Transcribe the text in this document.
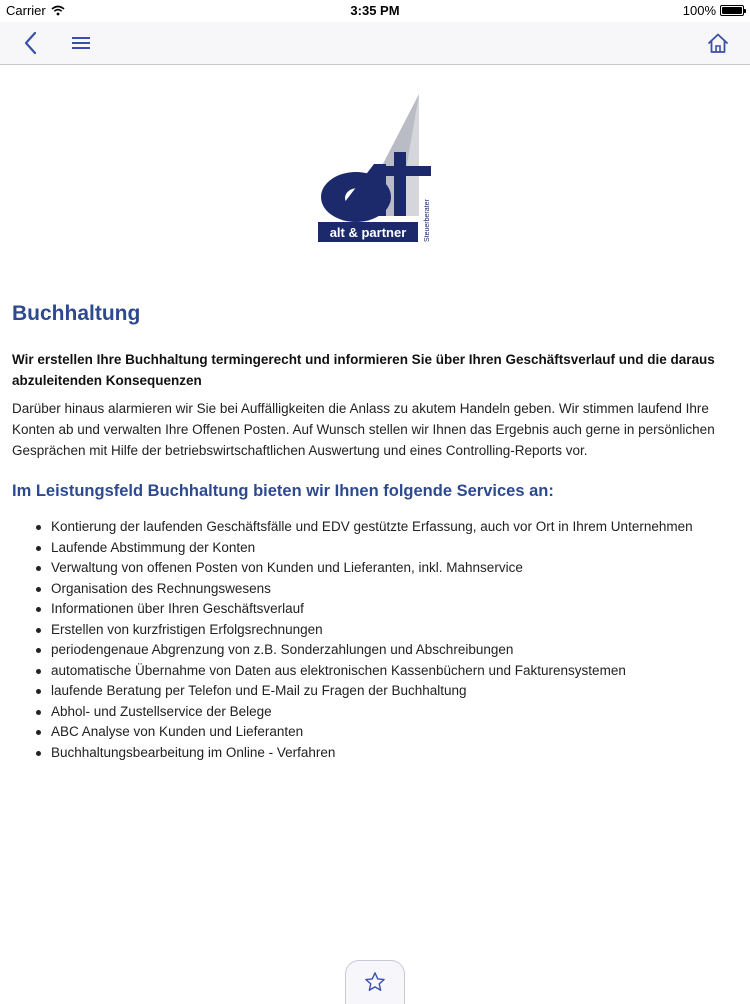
Carrier	3:35 PM	100%
alt & partner	Steuerberater
Buchhaltung

Wir erstellen Ihre Buchhaltung termingerecht und informieren Sie über Ihren Geschäftsverlauf und die daraus abzuleitenden Konsequenzen

Darüber hinaus alarmieren wir Sie bei Auffälligkeiten die Anlass zu akutem Handeln geben. Wir stimmen laufend Ihre Konten ab und verwalten Ihre Offenen Posten. Auf Wunsch stellen wir Ihnen das Ergebnis auch gerne in persönlichen Gesprächen mit Hilfe der betriebswirtschaftlichen Auswertung und eines Controlling-Reports vor.

Im Leistungsfeld Buchhaltung bieten wir Ihnen folgende Services an:
Kontierung der laufenden Geschäftsfälle und EDV gestützte Erfassung, auch vor Ort in Ihrem Unternehmen
Laufende Abstimmung der Konten
Verwaltung von offenen Posten von Kunden und Lieferanten, inkl. Mahnservice
Organisation des Rechnungswesens
Informationen über Ihren Geschäftsverlauf
Erstellen von kurzfristigen Erfolgsrechnungen
periodengenaue Abgrenzung von z.B. Sonderzahlungen und Abschreibungen
automatische Übernahme von Daten aus elektronischen Kassenbüchern und Fakturensystemen
laufende Beratung per Telefon und E-Mail zu Fragen der Buchhaltung
Abhol- und Zustellservice der Belege
ABC Analyse von Kunden und Lieferanten
Buchhaltungsbearbeitung im Online - Verfahren
